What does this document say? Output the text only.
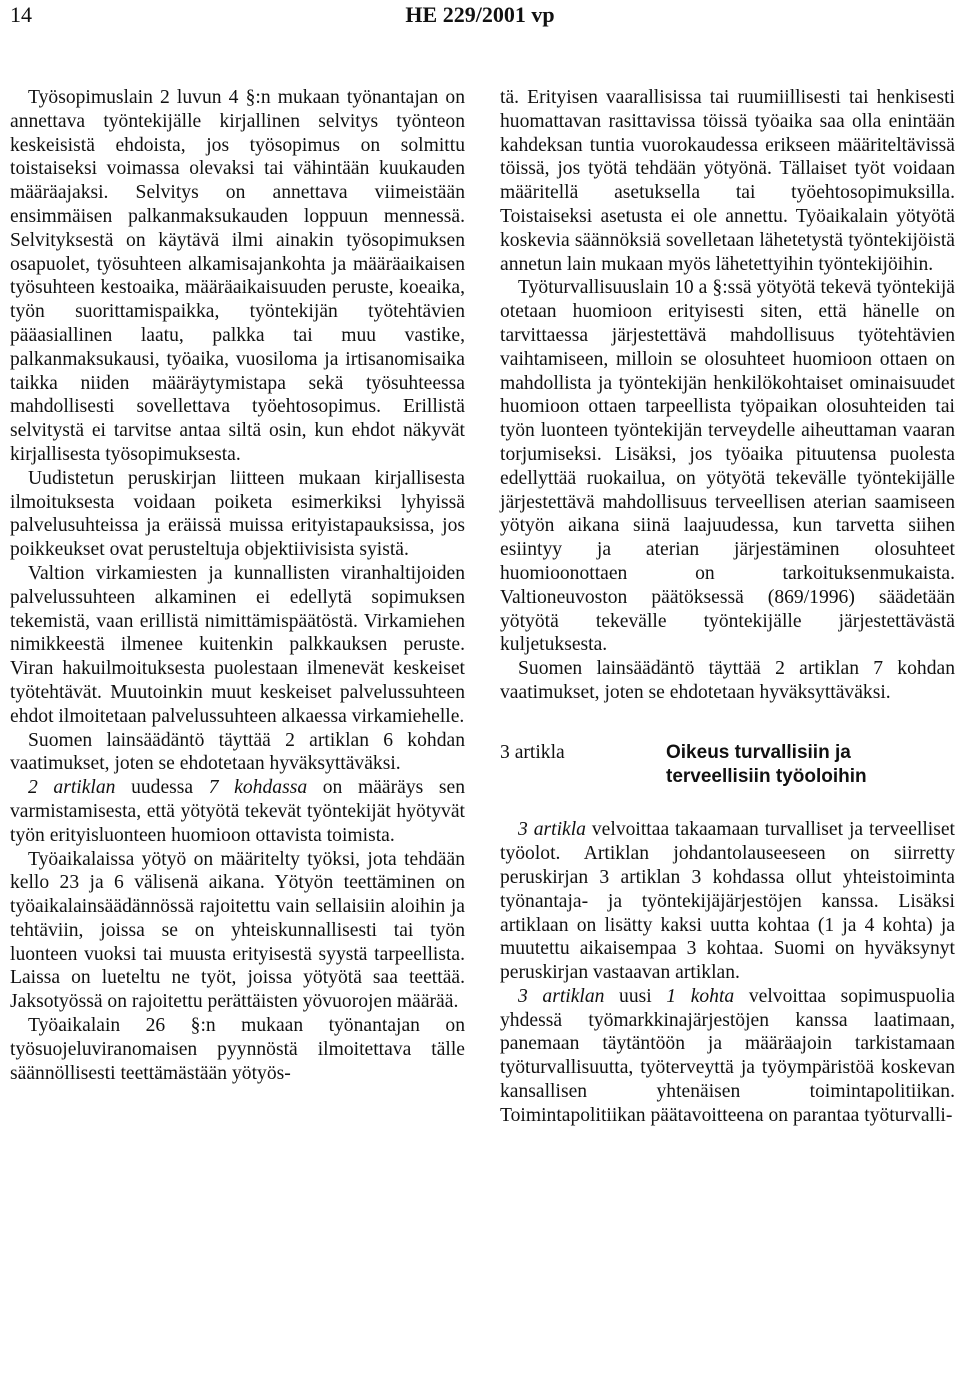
14	HE 229/2001 vp

Työsopimuslain 2 luvun 4 §:n mukaan työnantajan on annettava työntekijälle kirjallinen selvitys työnteon keskeisistä ehdoista, jos työsopimus on solmittu toistaiseksi voimassa olevaksi tai vähintään kuukauden määräajaksi. Selvitys on annettava viimeistään ensimmäisen palkanmaksukauden loppuun mennessä. Selvityksestä on käytävä ilmi ainakin työsopimuksen osapuolet, työsuhteen alkamisajankohta ja määräaikaisen työsuhteen kestoaika, määräaikaisuuden peruste, koeaika, työn suorittamispaikka, työntekijän työtehtävien pääasiallinen laatu, palkka tai muu vastike, palkanmaksukausi, työaika, vuosiloma ja irtisanomisaika taikka niiden määräytymistapa sekä työsuhteessa mahdollisesti sovellettava työehtosopimus. Erillistä selvitystä ei tarvitse antaa siltä osin, kun ehdot näkyvät kirjallisesta työsopimuksesta.

Uudistetun peruskirjan liitteen mukaan kirjallisesta ilmoituksesta voidaan poiketa esimerkiksi lyhyissä palvelusuhteissa ja eräissä muissa erityistapauksissa, jos poikkeukset ovat perusteltuja objektiivisista syistä.

Valtion virkamiesten ja kunnallisten viranhaltijoiden palvelussuhteen alkaminen ei edellytä sopimuksen tekemistä, vaan erillistä nimittämispäätöstä. Virkamiehen nimikkeestä ilmenee kuitenkin palkkauksen peruste. Viran hakuilmoituksesta puolestaan ilmenevät keskeiset työtehtävät. Muutoinkin muut keskeiset palvelussuhteen ehdot ilmoitetaan palvelussuhteen alkaessa virkamiehelle.

Suomen lainsäädäntö täyttää 2 artiklan 6 kohdan vaatimukset, joten se ehdotetaan hyväksyttäväksi.

2 artiklan uudessa 7 kohdassa on määräys sen varmistamisesta, että yötyötä tekevät työntekijät hyötyvät työn erityisluonteen huomioon ottavista toimista.

Työaikalaissa yötyö on määritelty työksi, jota tehdään kello 23 ja 6 välisenä aikana. Yötyön teettäminen on työaikalainsäädännössä rajoitettu vain sellaisiin aloihin ja tehtäviin, joissa se on yhteiskunnallisesti tai työn luonteen vuoksi tai muusta erityisestä syystä tarpeellista. Laissa on lueteltu ne työt, joissa yötyötä saa teettää. Jaksotyössä on rajoitettu perättäisten yövuorojen määrää.

Työaikalain 26 §:n mukaan työnantajan on työsuojeluviranomaisen pyynnöstä ilmoitettava tälle säännöllisesti teettämästään yötyös-

tä. Erityisen vaarallisissa tai ruumiillisesti tai henkisesti huomattavan rasittavissa töissä työaika saa olla enintään kahdeksan tuntia vuorokaudessa erikseen määriteltävissä töissä, jos työtä tehdään yötyönä. Tällaiset työt voidaan määritellä asetuksella tai työehtosopimuksilla. Toistaiseksi asetusta ei ole annettu. Työaikalain yötyötä koskevia säännöksiä sovelletaan lähetetystä työntekijöistä annetun lain mukaan myös lähetettyihin työntekijöihin.

Työturvallisuuslain 10 a §:ssä yötyötä tekevä työntekijä otetaan huomioon erityisesti siten, että hänelle on tarvittaessa järjestettävä mahdollisuus työtehtävien vaihtamiseen, milloin se olosuhteet huomioon ottaen on mahdollista ja työntekijän henkilökohtaiset ominaisuudet huomioon ottaen tarpeellista työpaikan olosuhteiden tai työn luonteen työntekijän terveydelle aiheuttaman vaaran torjumiseksi. Lisäksi, jos työaika pituutensa puolesta edellyttää ruokailua, on yötyötä tekevälle työntekijälle järjestettävä mahdollisuus terveellisen aterian saamiseen yötyön aikana siinä laajuudessa, kun tarvetta siihen esiintyy ja aterian järjestäminen olosuhteet huomioonottaen on tarkoituksenmukaista. Valtioneuvoston päätöksessä (869/1996) säädetään yötyötä tekevälle työntekijälle järjestettävästä kuljetuksesta.

Suomen lainsäädäntö täyttää 2 artiklan 7 kohdan vaatimukset, joten se ehdotetaan hyväksyttäväksi.

3 artikla	Oikeus turvallisiin ja terveellisiin työoloihin

3 artikla velvoittaa takaamaan turvalliset ja terveelliset työolot. Artiklan johdantolauseeseen on siirretty peruskirjan 3 artiklan 3 kohdassa ollut yhteistoiminta työnantaja- ja työntekijäjärjestöjen kanssa. Lisäksi artiklaan on lisätty kaksi uutta kohtaa (1 ja 4 kohta) ja muutettu aikaisempaa 3 kohtaa. Suomi on hyväksynyt peruskirjan vastaavan artiklan.

3 artiklan uusi 1 kohta velvoittaa sopimuspuolia yhdessä työmarkkinajärjestöjen kanssa laatimaan, panemaan täytäntöön ja määräajoin tarkistamaan työturvallisuutta, työterveyttä ja työympäristöä koskevan kansallisen yhtenäisen toimintapolitiikan. Toimintapolitiikan päätavoitteena on parantaa työturvalli-
